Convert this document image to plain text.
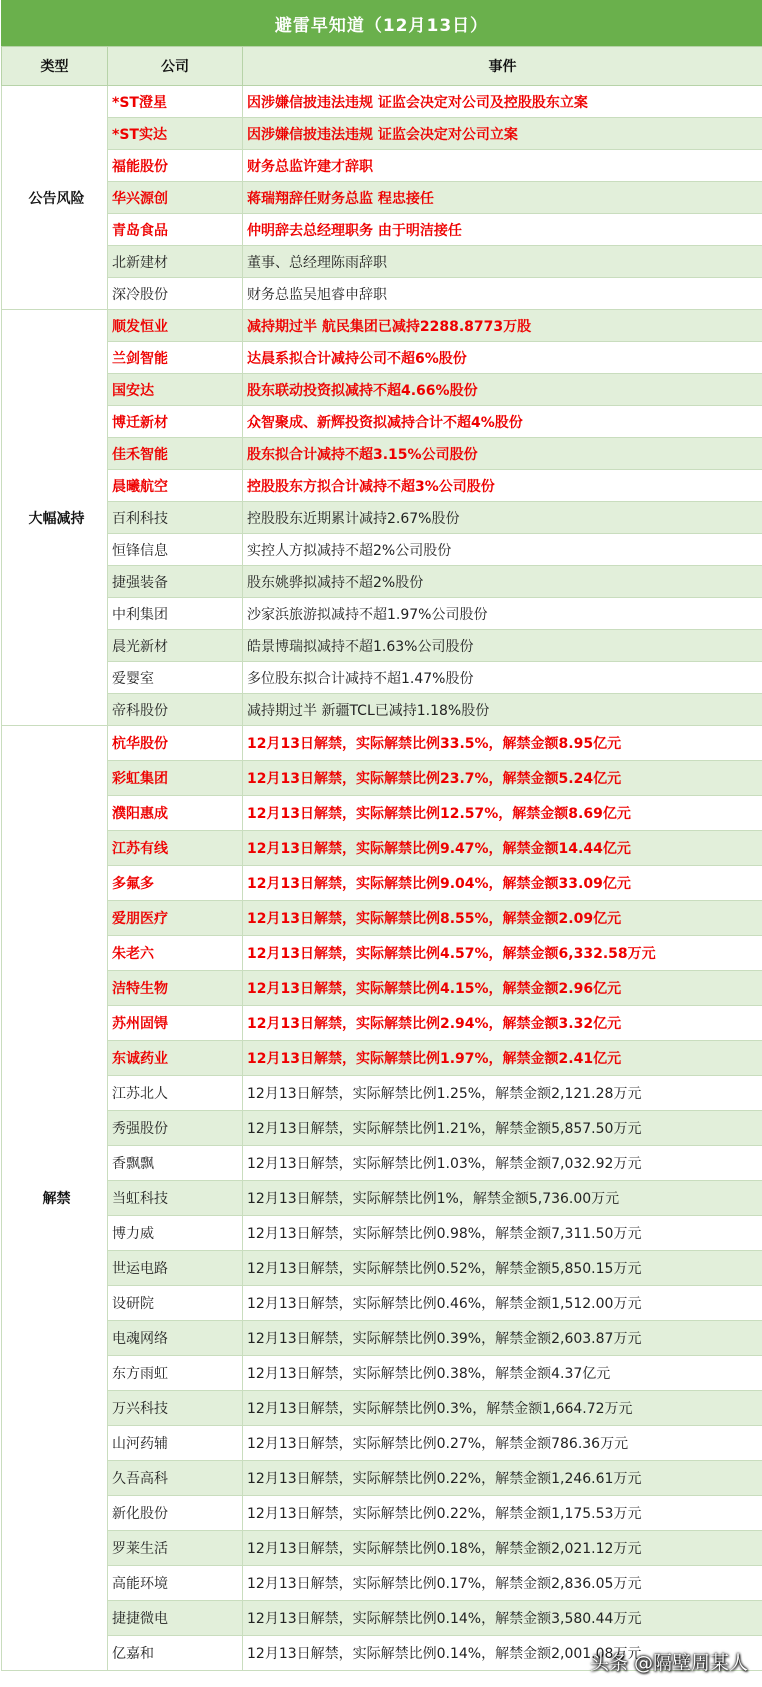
避雷早知道（12月13日）
类型	公司	事件
公告风险	*ST澄星	因涉嫌信披违法违规 证监会决定对公司及控股股东立案
	*ST实达	因涉嫌信披违法违规 证监会决定对公司立案
	福能股份	财务总监许建才辞职
	华兴源创	蒋瑞翔辞任财务总监 程忠接任
	青岛食品	仲明辞去总经理职务 由于明洁接任
	北新建材	董事、总经理陈雨辞职
	深冷股份	财务总监吴旭睿申辞职
大幅减持	顺发恒业	减持期过半 航民集团已减持2288.8773万股
	兰剑智能	达晨系拟合计减持公司不超6%股份
	国安达	股东联动投资拟减持不超4.66%股份
	博迁新材	众智聚成、新辉投资拟减持合计不超4%股份
	佳禾智能	股东拟合计减持不超3.15%公司股份
	晨曦航空	控股股东方拟合计减持不超3%公司股份
	百利科技	控股股东近期累计减持2.67%股份
	恒锋信息	实控人方拟减持不超2%公司股份
	捷强装备	股东姚骅拟减持不超2%股份
	中利集团	沙家浜旅游拟减持不超1.97%公司股份
	晨光新材	皓景博瑞拟减持不超1.63%公司股份
	爱婴室	多位股东拟合计减持不超1.47%股份
	帝科股份	减持期过半 新疆TCL已减持1.18%股份
解禁	杭华股份	12月13日解禁，实际解禁比例33.5%，解禁金额8.95亿元
	彩虹集团	12月13日解禁，实际解禁比例23.7%，解禁金额5.24亿元
	濮阳惠成	12月13日解禁，实际解禁比例12.57%，解禁金额8.69亿元
	江苏有线	12月13日解禁，实际解禁比例9.47%，解禁金额14.44亿元
	多氟多	12月13日解禁，实际解禁比例9.04%，解禁金额33.09亿元
	爱朋医疗	12月13日解禁，实际解禁比例8.55%，解禁金额2.09亿元
	朱老六	12月13日解禁，实际解禁比例4.57%，解禁金额6,332.58万元
	洁特生物	12月13日解禁，实际解禁比例4.15%，解禁金额2.96亿元
	苏州固锝	12月13日解禁，实际解禁比例2.94%，解禁金额3.32亿元
	东诚药业	12月13日解禁，实际解禁比例1.97%，解禁金额2.41亿元
	江苏北人	12月13日解禁，实际解禁比例1.25%，解禁金额2,121.28万元
	秀强股份	12月13日解禁，实际解禁比例1.21%，解禁金额5,857.50万元
	香飘飘	12月13日解禁，实际解禁比例1.03%，解禁金额7,032.92万元
	当虹科技	12月13日解禁，实际解禁比例1%，解禁金额5,736.00万元
	博力威	12月13日解禁，实际解禁比例0.98%，解禁金额7,311.50万元
	世运电路	12月13日解禁，实际解禁比例0.52%，解禁金额5,850.15万元
	设研院	12月13日解禁，实际解禁比例0.46%，解禁金额1,512.00万元
	电魂网络	12月13日解禁，实际解禁比例0.39%，解禁金额2,603.87万元
	东方雨虹	12月13日解禁，实际解禁比例0.38%，解禁金额4.37亿元
	万兴科技	12月13日解禁，实际解禁比例0.3%，解禁金额1,664.72万元
	山河药辅	12月13日解禁，实际解禁比例0.27%，解禁金额786.36万元
	久吾高科	12月13日解禁，实际解禁比例0.22%，解禁金额1,246.61万元
	新化股份	12月13日解禁，实际解禁比例0.22%，解禁金额1,175.53万元
	罗莱生活	12月13日解禁，实际解禁比例0.18%，解禁金额2,021.12万元
	高能环境	12月13日解禁，实际解禁比例0.17%，解禁金额2,836.05万元
	捷捷微电	12月13日解禁，实际解禁比例0.14%，解禁金额3,580.44万元
	亿嘉和	12月13日解禁，实际解禁比例0.14%，解禁金额2,001.08万元
头条 @隔壁周某人
